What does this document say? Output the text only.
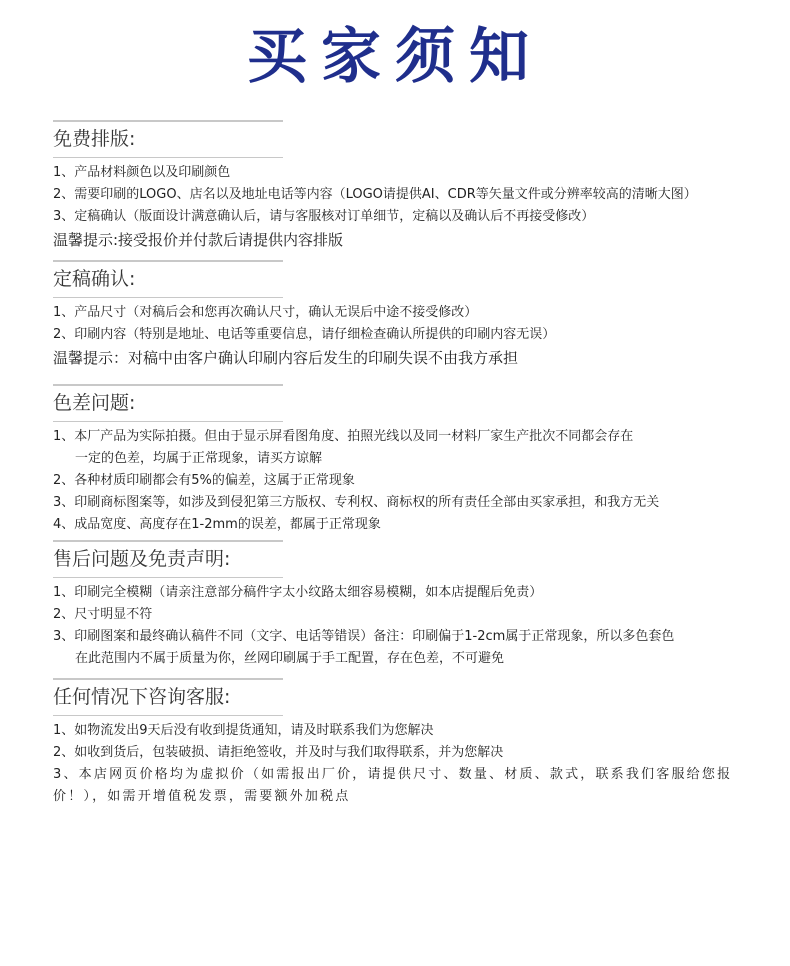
买家须知
免费排版:
1、产品材料颜色以及印刷颜色
2、需要印刷的LOGO、店名以及地址电话等内容（LOGO请提供AI、CDR等矢量文件或分辨率较高的清晰大图）
3、定稿确认（版面设计满意确认后，请与客服核对订单细节，定稿以及确认后不再接受修改）
温馨提示:接受报价并付款后请提供内容排版
定稿确认:
1、产品尺寸（对稿后会和您再次确认尺寸，确认无误后中途不接受修改）
2、印刷内容（特别是地址、电话等重要信息，请仔细检查确认所提供的印刷内容无误）
温馨提示：对稿中由客户确认印刷内容后发生的印刷失误不由我方承担
色差问题:
1、本厂产品为实际拍摄。但由于显示屏看图角度、拍照光线以及同一材料厂家生产批次不同都会存在
一定的色差，均属于正常现象，请买方谅解
2、各种材质印刷都会有5%的偏差，这属于正常现象
3、印刷商标图案等，如涉及到侵犯第三方版权、专利权、商标权的所有责任全部由买家承担，和我方无关
4、成品宽度、高度存在1-2mm的误差，都属于正常现象
售后问题及免责声明:
1、印刷完全模糊（请亲注意部分稿件字太小纹路太细容易模糊，如本店提醒后免责）
2、尺寸明显不符
3、印刷图案和最终确认稿件不同（文字、电话等错误）备注：印刷偏于1-2cm属于正常现象，所以多色套色
在此范围内不属于质量为你，丝网印刷属于手工配置，存在色差，不可避免
任何情况下咨询客服:
1、如物流发出9天后没有收到提货通知，请及时联系我们为您解决
2、如收到货后，包装破损、请拒绝签收，并及时与我们取得联系，并为您解决
3、本店网页价格均为虚拟价（如需报出厂价，请提供尺寸、数量、材质、款式，联系我们客服给您报价！），如需开增值税发票，需要额外加税点
